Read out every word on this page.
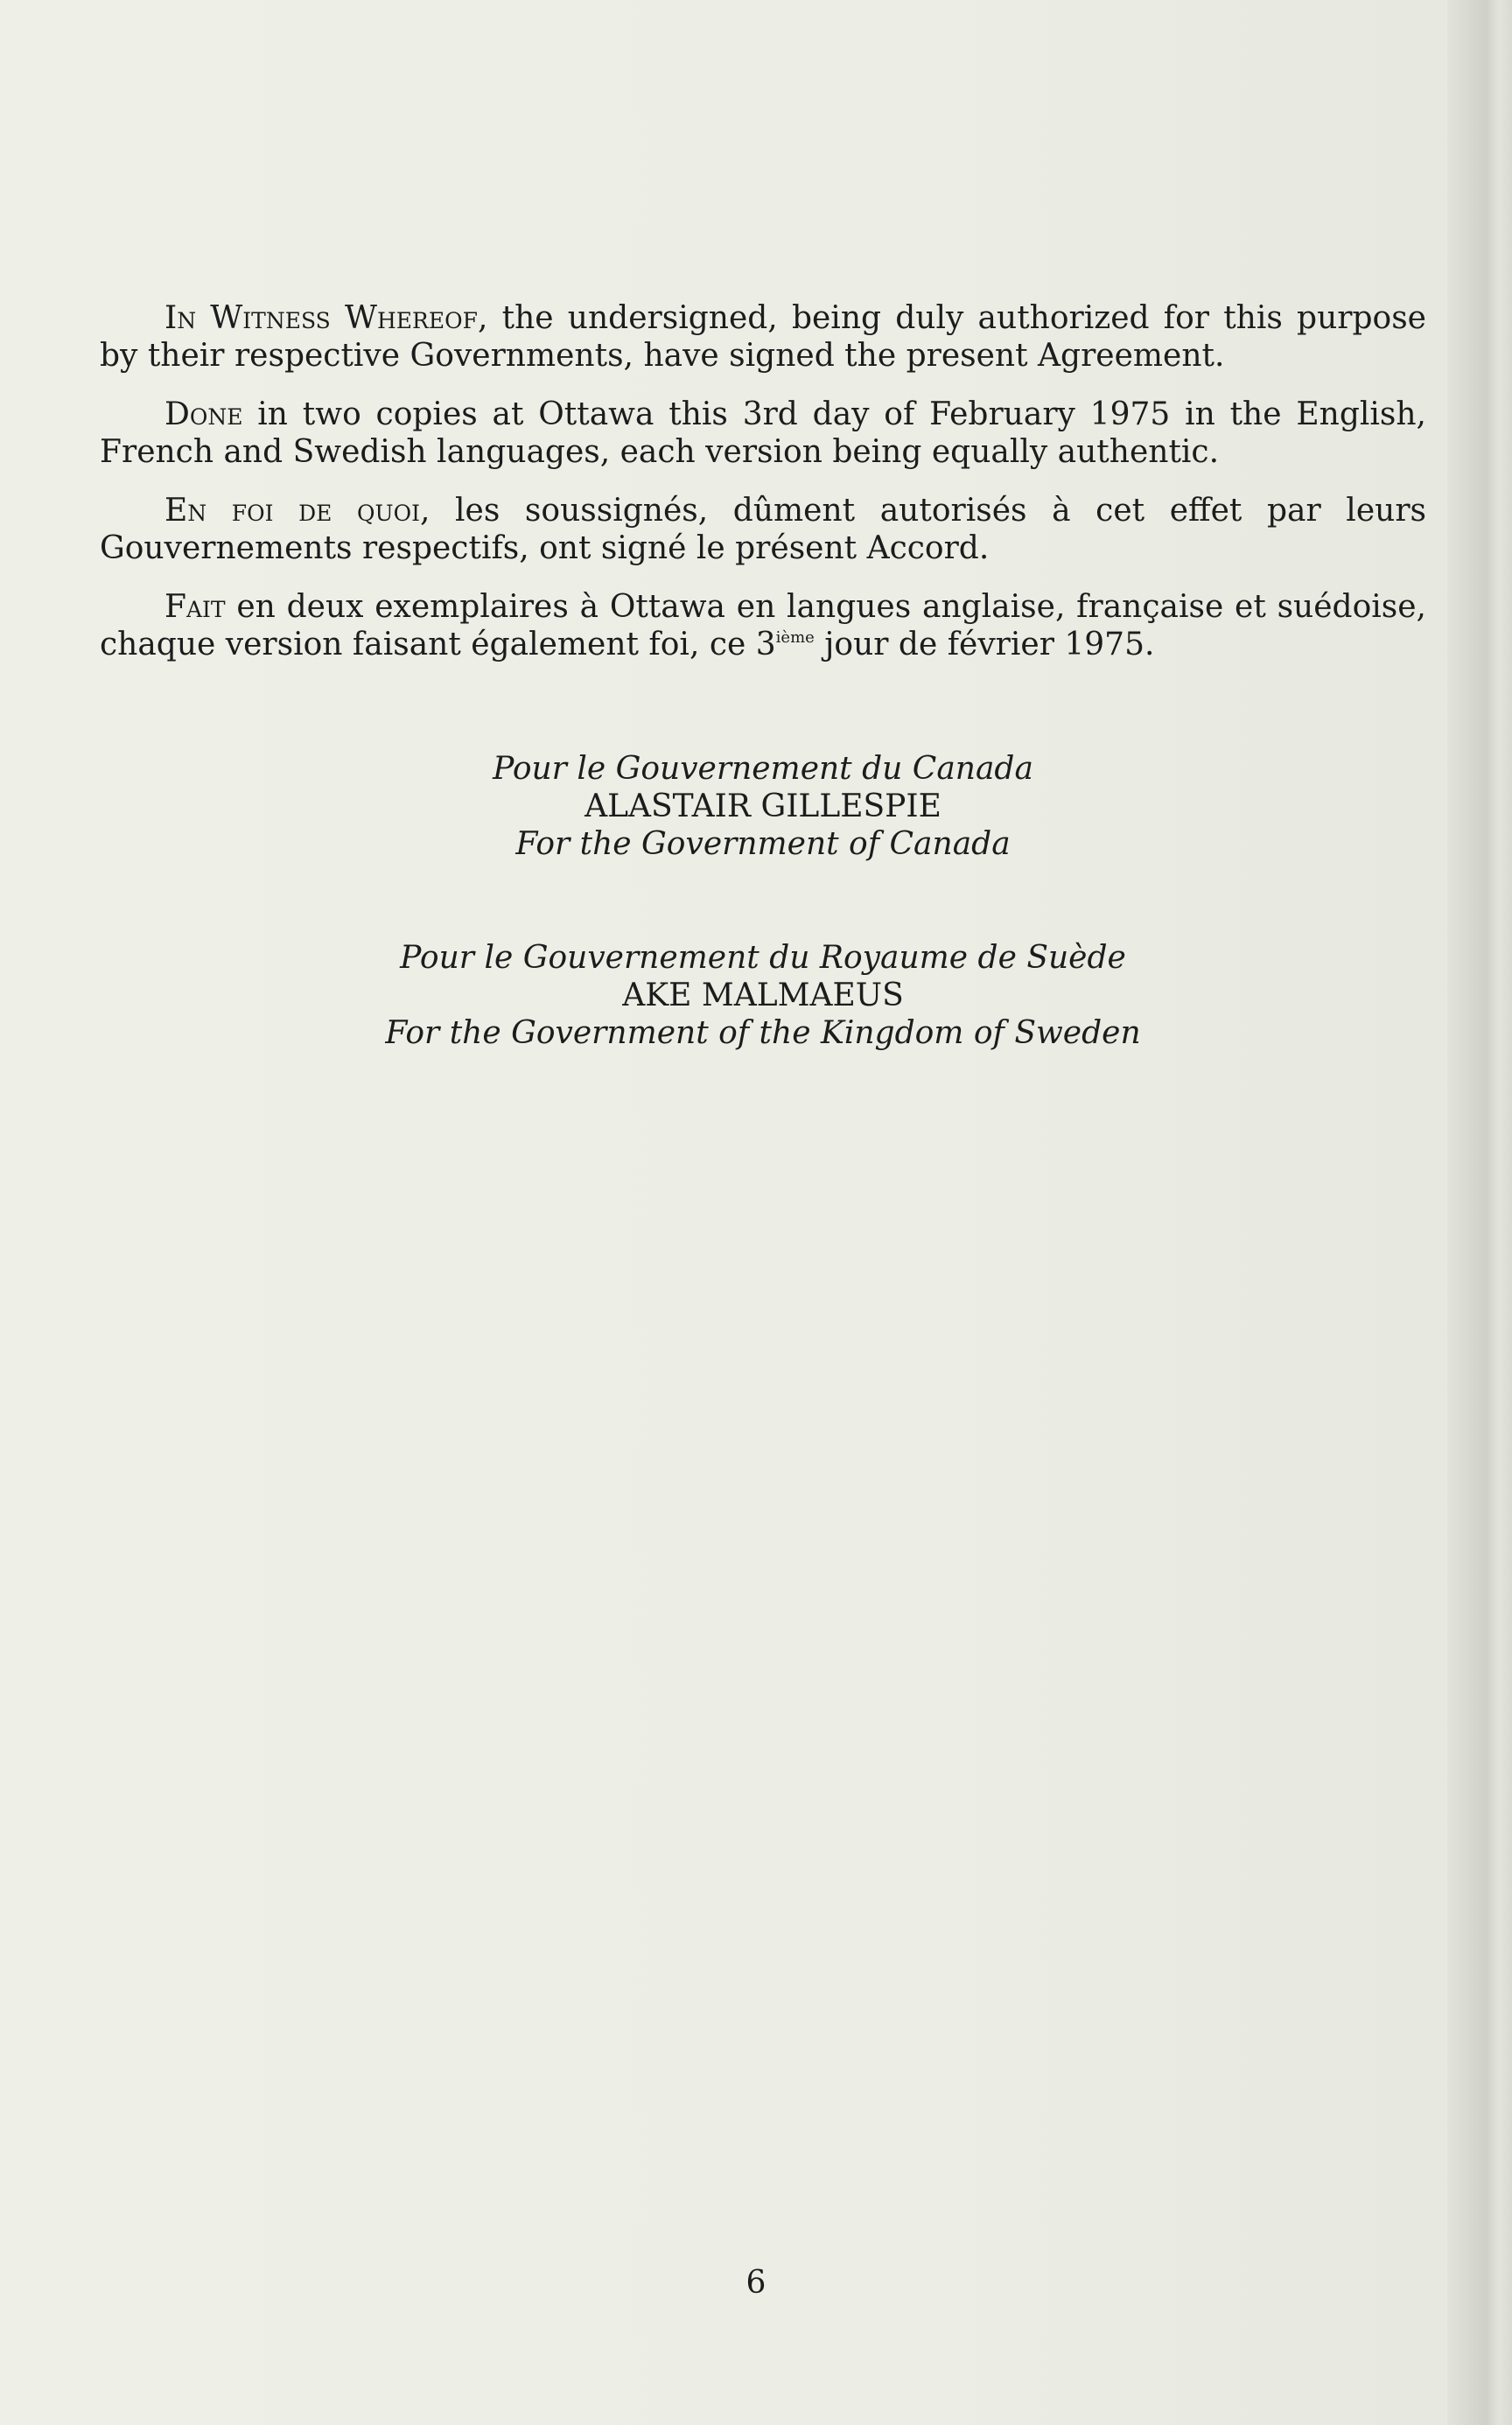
In Witness Whereof, the undersigned, being duly authorized for this purpose by their respective Governments, have signed the present Agreement.

Done in two copies at Ottawa this 3rd day of February 1975 in the English, French and Swedish languages, each version being equally authentic.

En foi de quoi, les soussignés, dûment autorisés à cet effet par leurs Gouvernements respectifs, ont signé le présent Accord.

Fait en deux exemplaires à Ottawa en langues anglaise, française et suédoise, chaque version faisant également foi, ce 3ième jour de février 1975.

Pour le Gouvernement du Canada
ALASTAIR GILLESPIE
For the Government of Canada
Pour le Gouvernement du Royaume de Suède
AKE MALMAEUS
For the Government of the Kingdom of Sweden
6
